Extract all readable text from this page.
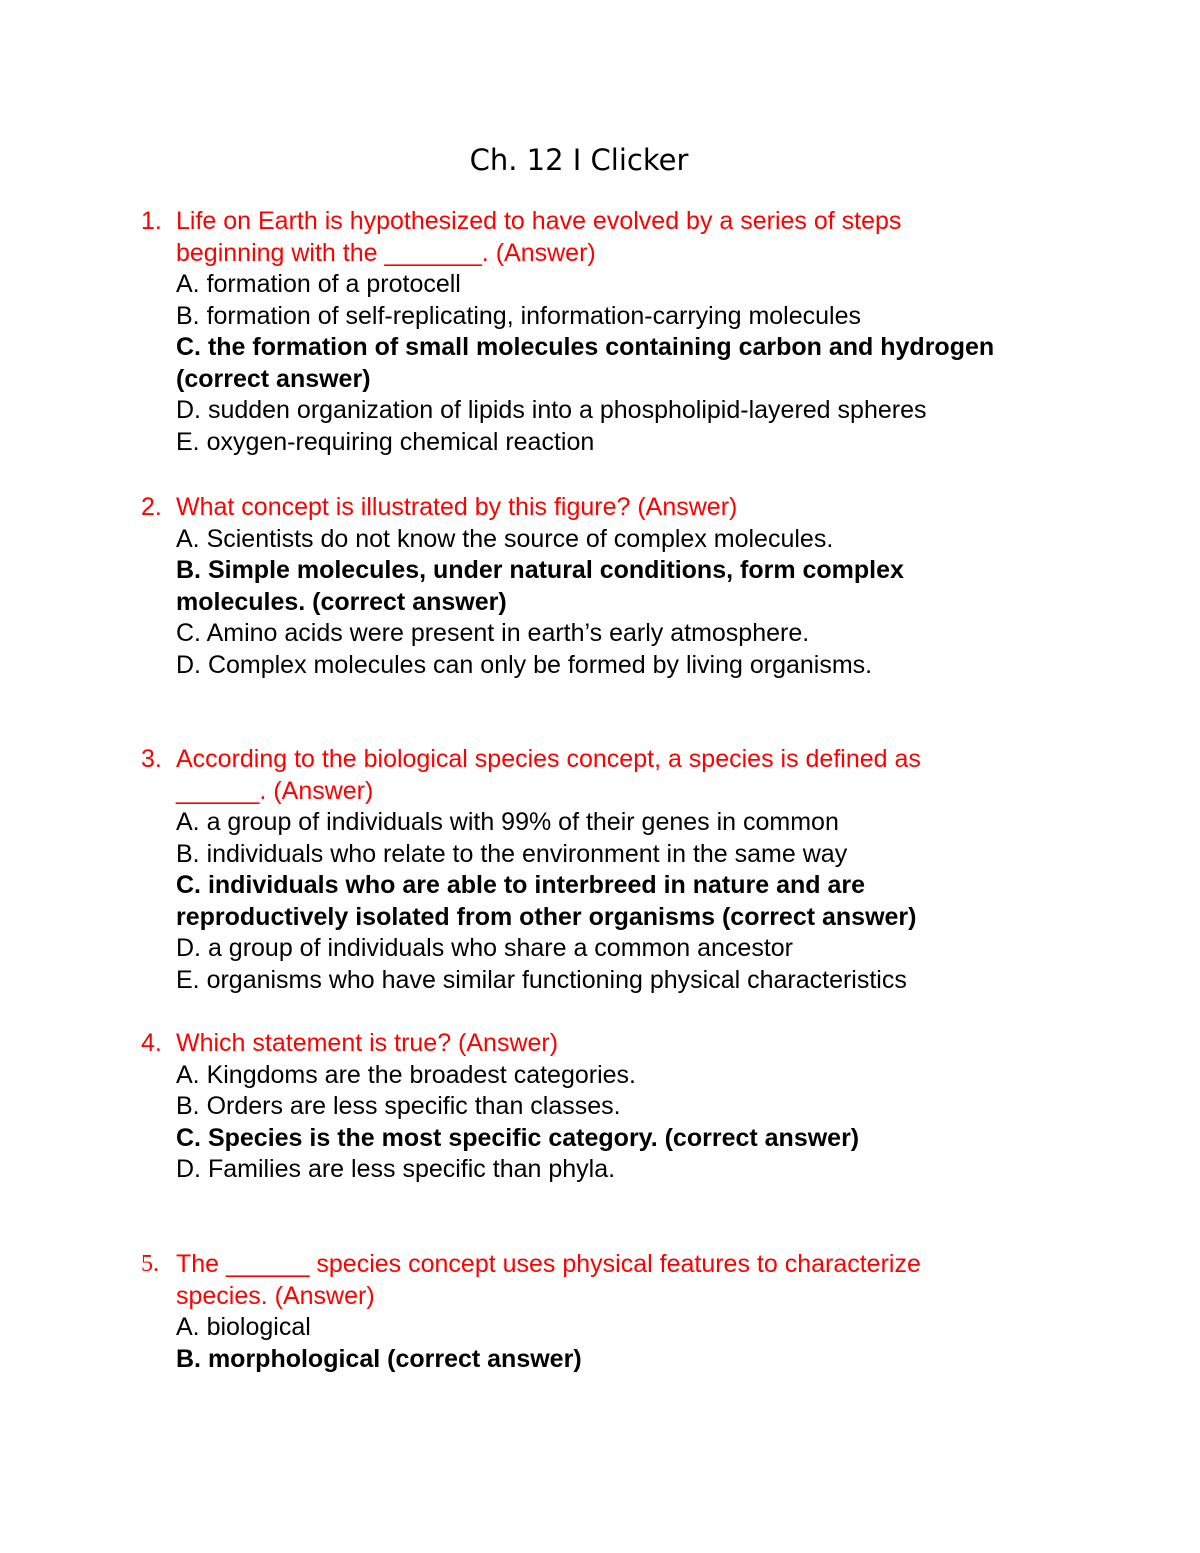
Ch. 12 I Clicker
1. Life on Earth is hypothesized to have evolved by a series of steps
beginning with the _______. (Answer)
A. formation of a protocell
B. formation of self-replicating, information-carrying molecules
C. the formation of small molecules containing carbon and hydrogen
(correct answer)
D. sudden organization of lipids into a phospholipid-layered spheres
E. oxygen-requiring chemical reaction
2. What concept is illustrated by this figure? (Answer)
A. Scientists do not know the source of complex molecules.
B. Simple molecules, under natural conditions, form complex
molecules. (correct answer)
C. Amino acids were present in earth’s early atmosphere.
D. Complex molecules can only be formed by living organisms.
3. According to the biological species concept, a species is defined as
______. (Answer)
A. a group of individuals with 99% of their genes in common
B. individuals who relate to the environment in the same way
C. individuals who are able to interbreed in nature and are
reproductively isolated from other organisms (correct answer)
D. a group of individuals who share a common ancestor
E. organisms who have similar functioning physical characteristics
4. Which statement is true? (Answer)
A. Kingdoms are the broadest categories.
B. Orders are less specific than classes.
C. Species is the most specific category. (correct answer)
D. Families are less specific than phyla.
5. The ______ species concept uses physical features to characterize
species. (Answer)
A. biological
B. morphological (correct answer)
